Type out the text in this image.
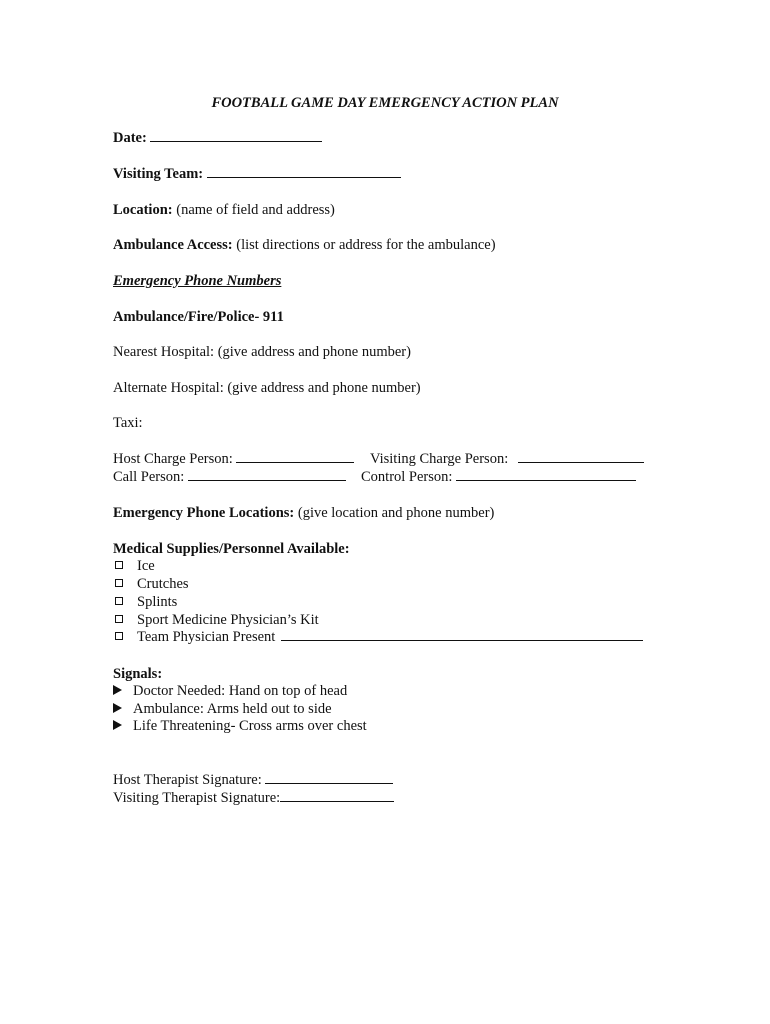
FOOTBALL GAME DAY EMERGENCY ACTION PLAN
Date:
Visiting Team:
Location: (name of field and address)
Ambulance Access: (list directions or address for the ambulance)
Emergency Phone Numbers
Ambulance/Fire/Police- 911
Nearest Hospital: (give address and phone number)
Alternate Hospital: (give address and phone number)
Taxi:
Host Charge Person:	Visiting Charge Person:
Call Person:	Control Person:
Emergency Phone Locations: (give location and phone number)
Medical Supplies/Personnel Available:
Ice
Crutches
Splints
Sport Medicine Physician’s Kit
Team Physician Present
Signals:
Doctor Needed: Hand on top of head
Ambulance: Arms held out to side
Life Threatening- Cross arms over chest
Host Therapist Signature:
Visiting Therapist Signature:
